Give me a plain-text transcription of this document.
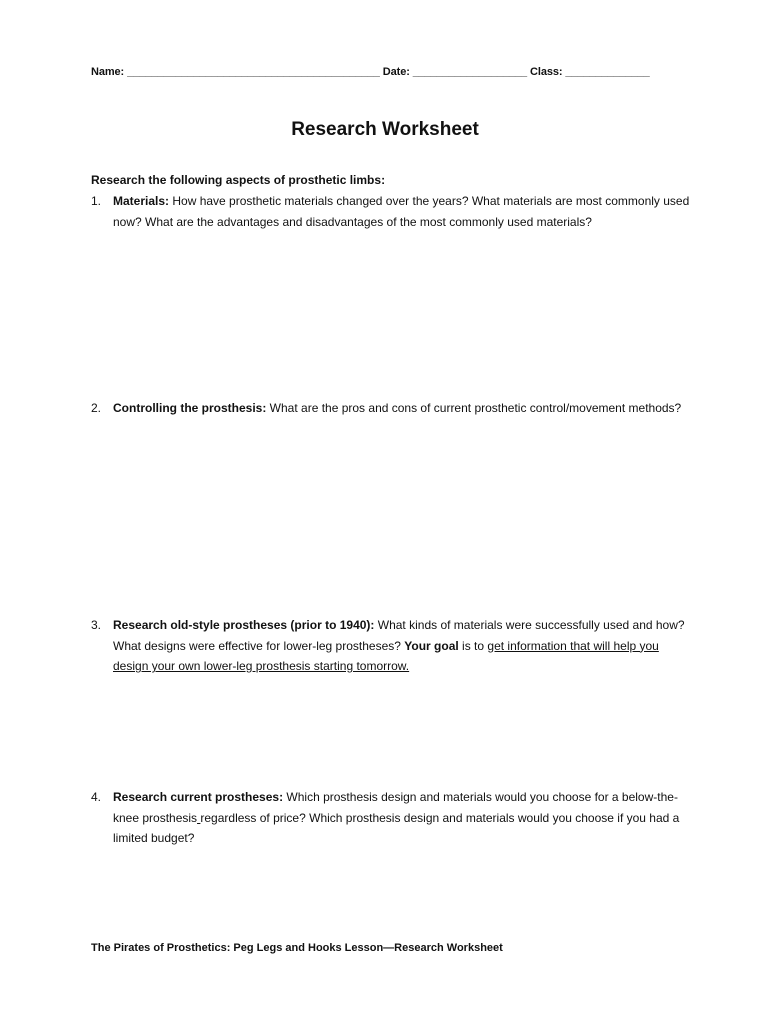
Name: __________________________________________ Date: ___________________ Class: ______________
Research Worksheet
Research the following aspects of prosthetic limbs:
1. Materials: How have prosthetic materials changed over the years? What materials are most commonly used now? What are the advantages and disadvantages of the most commonly used materials?
2. Controlling the prosthesis: What are the pros and cons of current prosthetic control/movement methods?
3. Research old-style prostheses (prior to 1940): What kinds of materials were successfully used and how? What designs were effective for lower-leg prostheses? Your goal is to get information that will help you design your own lower-leg prosthesis starting tomorrow.
4. Research current prostheses: Which prosthesis design and materials would you choose for a below-the-knee prosthesis regardless of price? Which prosthesis design and materials would you choose if you had a limited budget?
The Pirates of Prosthetics: Peg Legs and Hooks Lesson—Research Worksheet
